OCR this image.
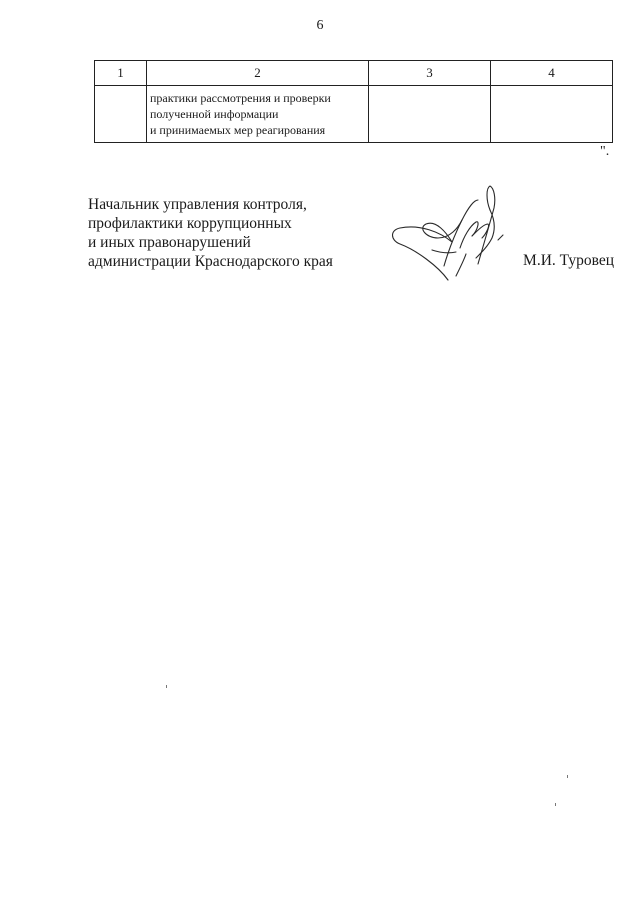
6
1	2	3	4

	практики рассмотрения и проверки
полученной информации
и принимаемых мер реагирования		

".
Начальник управления контроля,
профилактики коррупционных
и иных правонарушений
администрации Краснодарского края	М.И. Туровец
